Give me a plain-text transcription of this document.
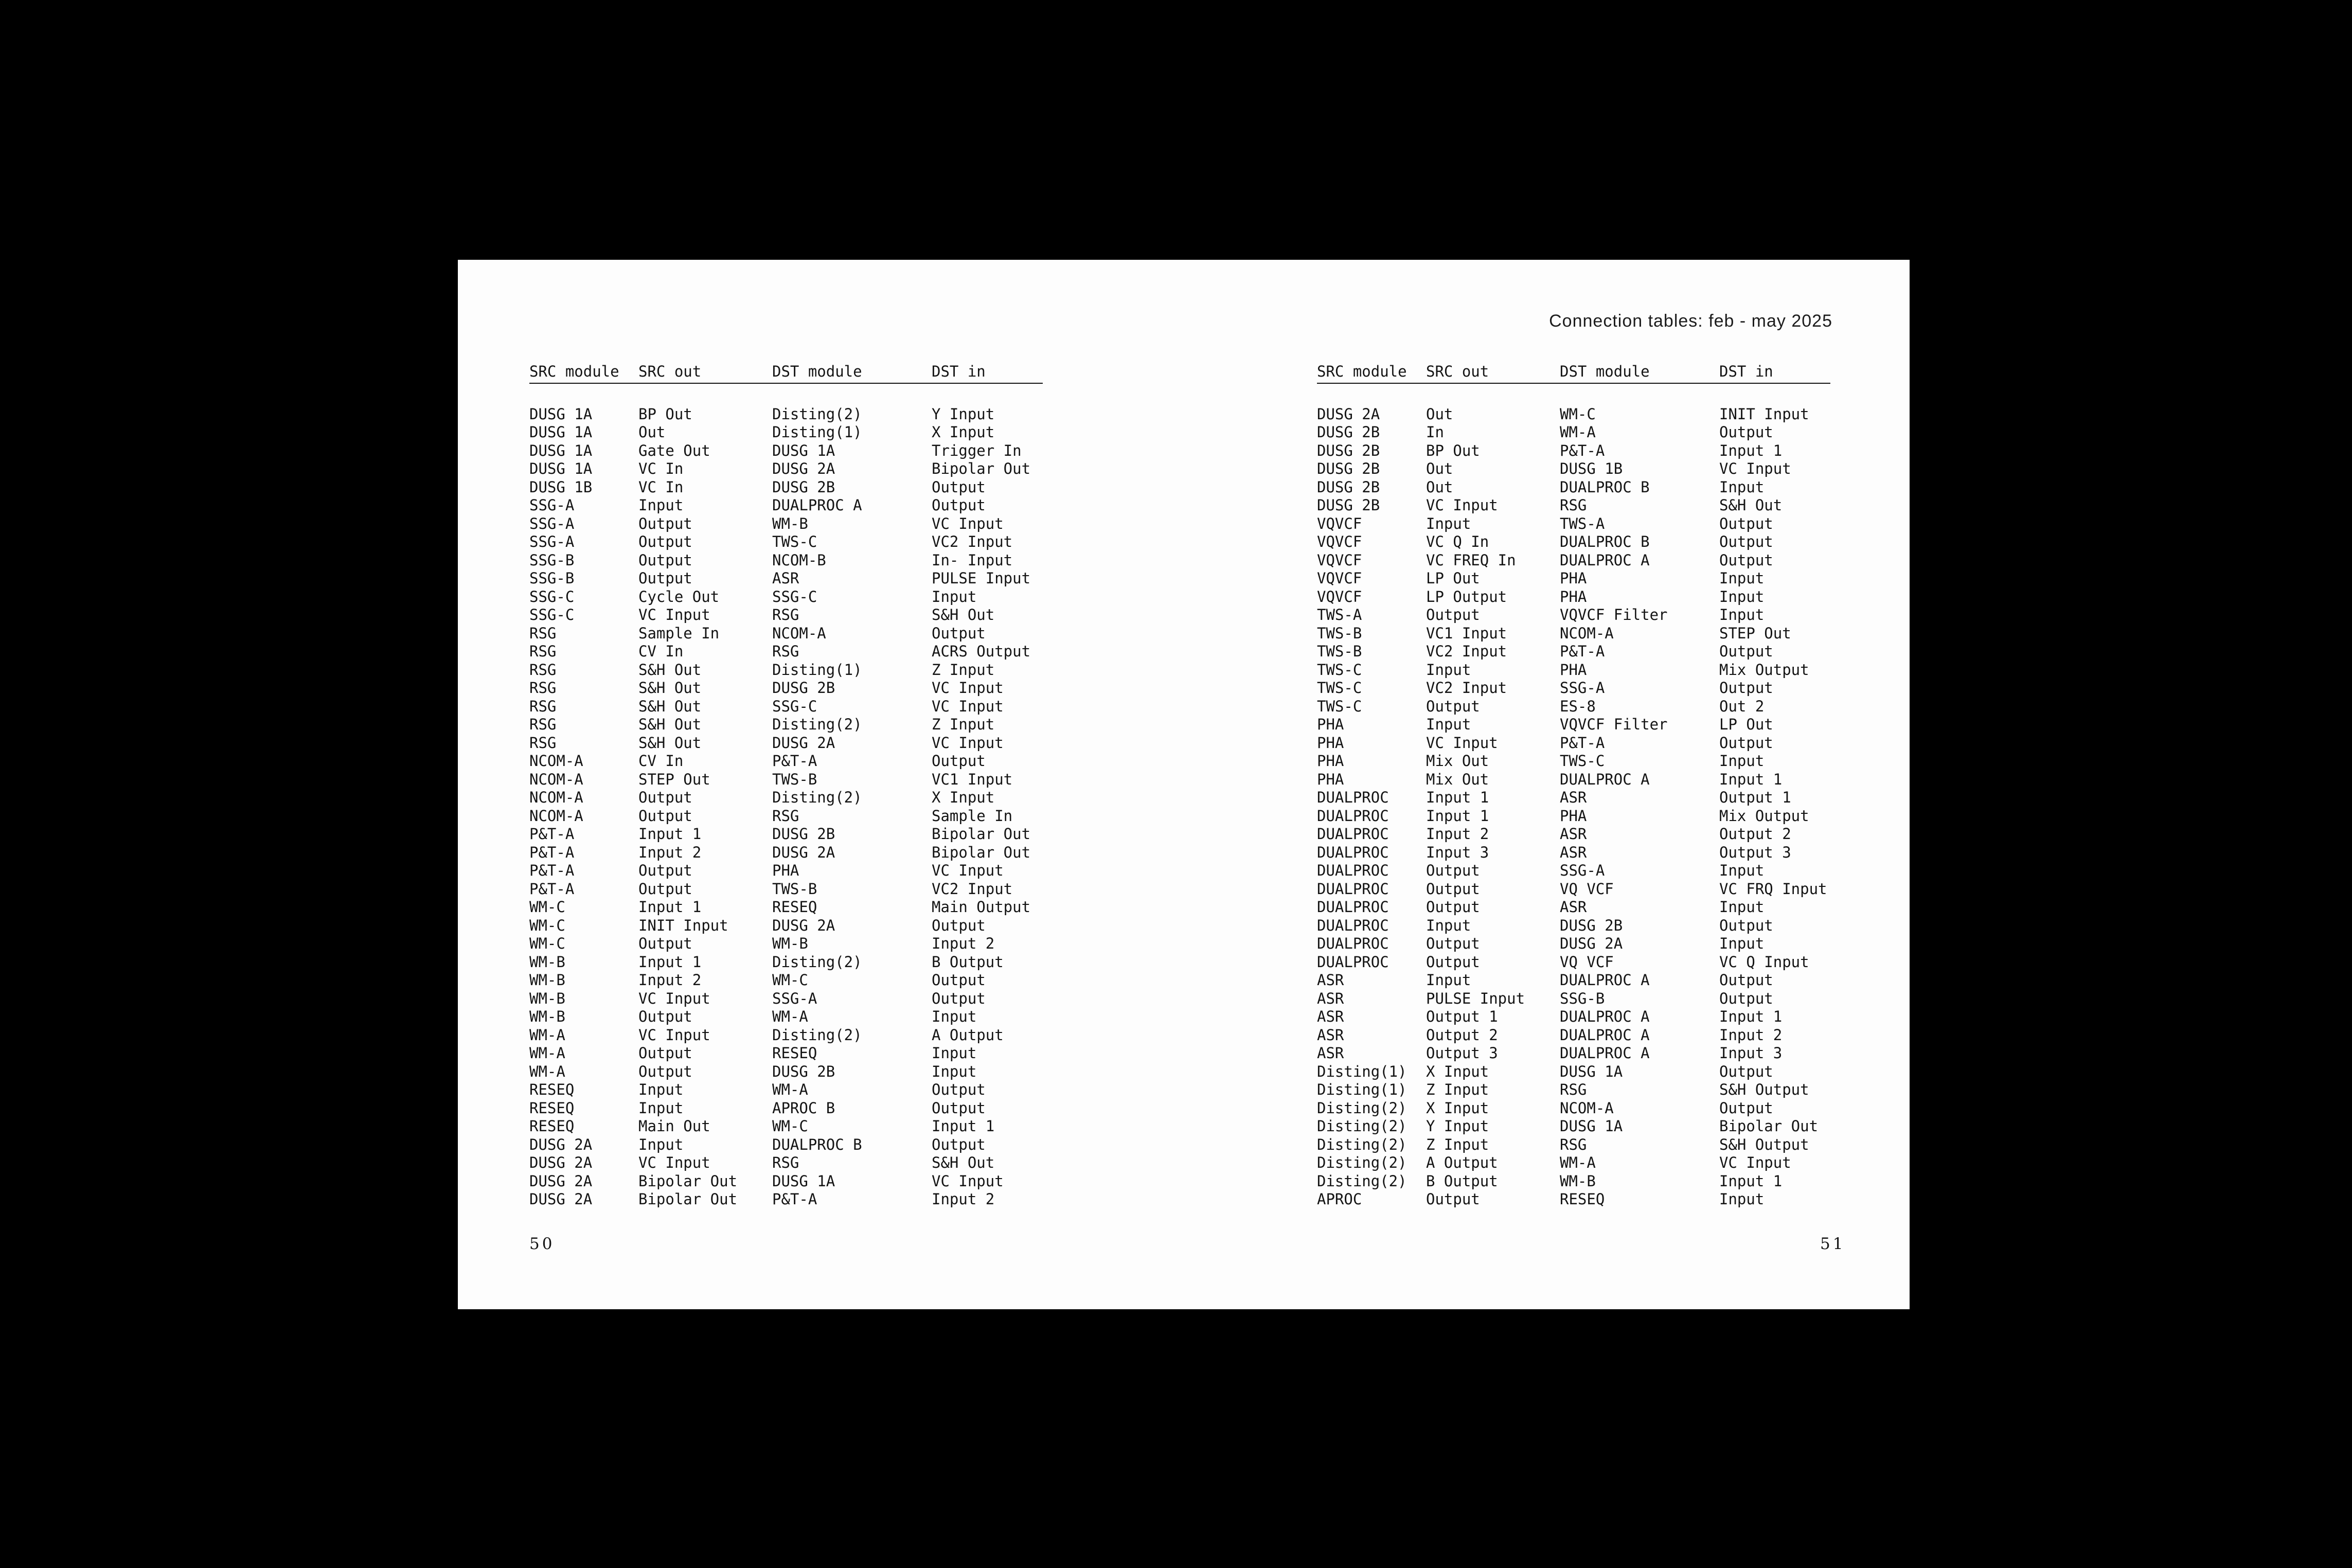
Connection tables: feb - may 2025
SRC module	SRC out	DST module	DST in
DUSG 1A	BP Out	Disting(2)	Y Input
DUSG 1A	Out	Disting(1)	X Input
DUSG 1A	Gate Out	DUSG 1A	Trigger In
DUSG 1A	VC In	DUSG 2A	Bipolar Out
DUSG 1B	VC In	DUSG 2B	Output
SSG-A	Input	DUALPROC A	Output
SSG-A	Output	WM-B	VC Input
SSG-A	Output	TWS-C	VC2 Input
SSG-B	Output	NCOM-B	In- Input
SSG-B	Output	ASR	PULSE Input
SSG-C	Cycle Out	SSG-C	Input
SSG-C	VC Input	RSG	S&H Out
RSG	Sample In	NCOM-A	Output
RSG	CV In	RSG	ACRS Output
RSG	S&H Out	Disting(1)	Z Input
RSG	S&H Out	DUSG 2B	VC Input
RSG	S&H Out	SSG-C	VC Input
RSG	S&H Out	Disting(2)	Z Input
RSG	S&H Out	DUSG 2A	VC Input
NCOM-A	CV In	P&T-A	Output
NCOM-A	STEP Out	TWS-B	VC1 Input
NCOM-A	Output	Disting(2)	X Input
NCOM-A	Output	RSG	Sample In
P&T-A	Input 1	DUSG 2B	Bipolar Out
P&T-A	Input 2	DUSG 2A	Bipolar Out
P&T-A	Output	PHA	VC Input
P&T-A	Output	TWS-B	VC2 Input
WM-C	Input 1	RESEQ	Main Output
WM-C	INIT Input	DUSG 2A	Output
WM-C	Output	WM-B	Input 2
WM-B	Input 1	Disting(2)	B Output
WM-B	Input 2	WM-C	Output
WM-B	VC Input	SSG-A	Output
WM-B	Output	WM-A	Input
WM-A	VC Input	Disting(2)	A Output
WM-A	Output	RESEQ	Input
WM-A	Output	DUSG 2B	Input
RESEQ	Input	WM-A	Output
RESEQ	Input	APROC B	Output
RESEQ	Main Out	WM-C	Input 1
DUSG 2A	Input	DUALPROC B	Output
DUSG 2A	VC Input	RSG	S&H Out
DUSG 2A	Bipolar Out	DUSG 1A	VC Input
DUSG 2A	Bipolar Out	P&T-A	Input 2
SRC module	SRC out	DST module	DST in
DUSG 2A	Out	WM-C	INIT Input
DUSG 2B	In	WM-A	Output
DUSG 2B	BP Out	P&T-A	Input 1
DUSG 2B	Out	DUSG 1B	VC Input
DUSG 2B	Out	DUALPROC B	Input
DUSG 2B	VC Input	RSG	S&H Out
VQVCF	Input	TWS-A	Output
VQVCF	VC Q In	DUALPROC B	Output
VQVCF	VC FREQ In	DUALPROC A	Output
VQVCF	LP Out	PHA	Input
VQVCF	LP Output	PHA	Input
TWS-A	Output	VQVCF Filter	Input
TWS-B	VC1 Input	NCOM-A	STEP Out
TWS-B	VC2 Input	P&T-A	Output
TWS-C	Input	PHA	Mix Output
TWS-C	VC2 Input	SSG-A	Output
TWS-C	Output	ES-8	Out 2
PHA	Input	VQVCF Filter	LP Out
PHA	VC Input	P&T-A	Output
PHA	Mix Out	TWS-C	Input
PHA	Mix Out	DUALPROC A	Input 1
DUALPROC	Input 1	ASR	Output 1
DUALPROC	Input 1	PHA	Mix Output
DUALPROC	Input 2	ASR	Output 2
DUALPROC	Input 3	ASR	Output 3
DUALPROC	Output	SSG-A	Input
DUALPROC	Output	VQ VCF	VC FRQ Input
DUALPROC	Output	ASR	Input
DUALPROC	Input	DUSG 2B	Output
DUALPROC	Output	DUSG 2A	Input
DUALPROC	Output	VQ VCF	VC Q Input
ASR	Input	DUALPROC A	Output
ASR	PULSE Input	SSG-B	Output
ASR	Output 1	DUALPROC A	Input 1
ASR	Output 2	DUALPROC A	Input 2
ASR	Output 3	DUALPROC A	Input 3
Disting(1)	X Input	DUSG 1A	Output
Disting(1)	Z Input	RSG	S&H Output
Disting(2)	X Input	NCOM-A	Output
Disting(2)	Y Input	DUSG 1A	Bipolar Out
Disting(2)	Z Input	RSG	S&H Output
Disting(2)	A Output	WM-A	VC Input
Disting(2)	B Output	WM-B	Input 1
APROC	Output	RESEQ	Input
50	51
